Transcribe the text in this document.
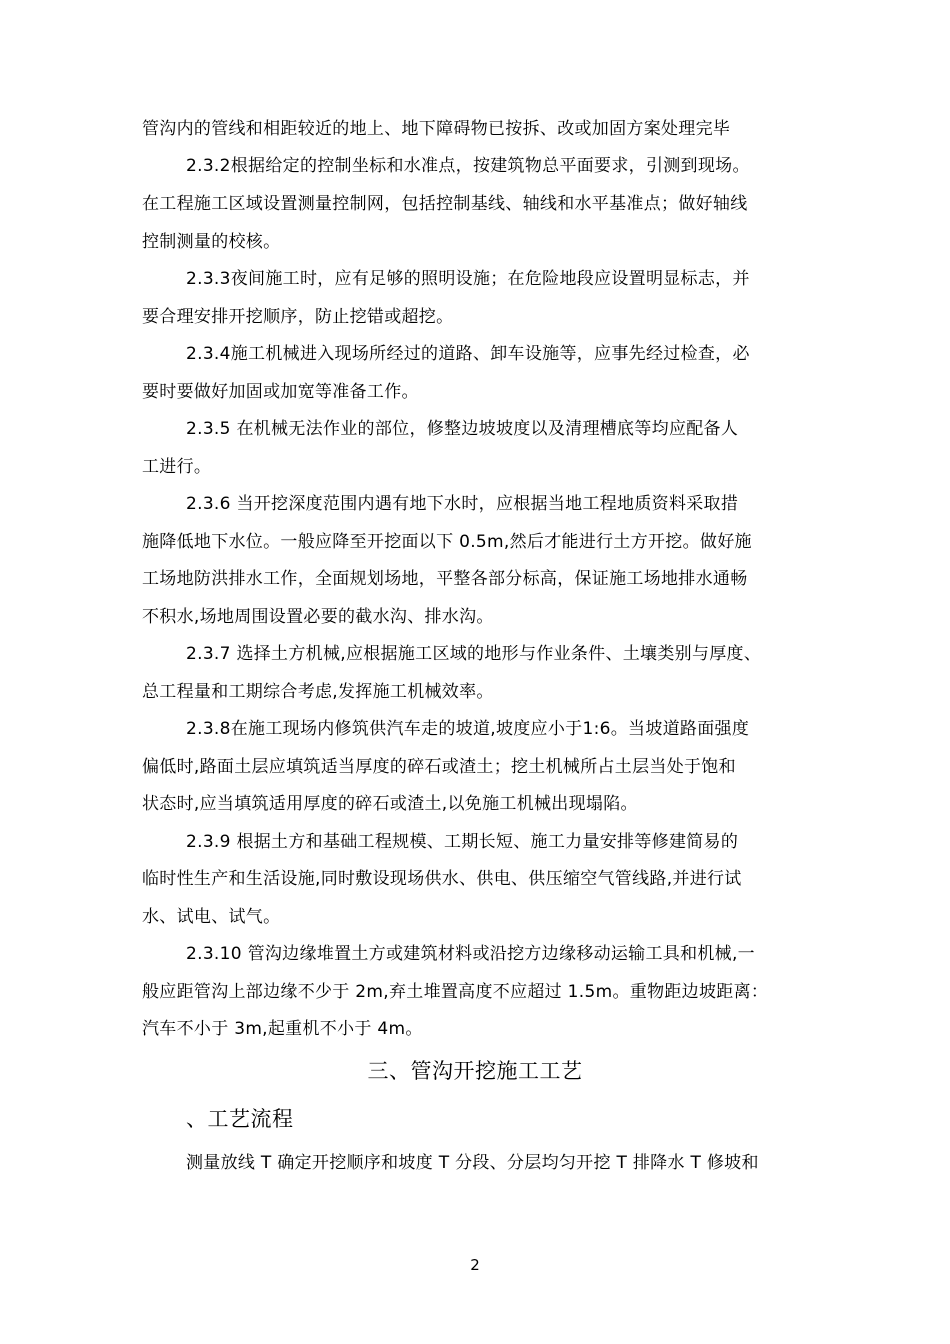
管沟内的管线和相距较近的地上、地下障碍物已按拆、改或加固方案处理完毕
2.3.2根据给定的控制坐标和水准点，按建筑物总平面要求，引测到现场。
在工程施工区域设置测量控制网，包括控制基线、轴线和水平基准点；做好轴线
控制测量的校核。
2.3.3夜间施工时，应有足够的照明设施；在危险地段应设置明显标志，并
要合理安排开挖顺序，防止挖错或超挖。
2.3.4施工机械进入现场所经过的道路、卸车设施等，应事先经过检查，必
要时要做好加固或加宽等准备工作。
2.3.5 在机械无法作业的部位，修整边坡坡度以及清理槽底等均应配备人
工进行。
2.3.6 当开挖深度范围内遇有地下水时，应根据当地工程地质资料采取措
施降低地下水位。一般应降至开挖面以下 0.5m,然后才能进行土方开挖。做好施
工场地防洪排水工作，全面规划场地，平整各部分标高，保证施工场地排水通畅
不积水,场地周围设置必要的截水沟、排水沟。
2.3.7 选择土方机械,应根据施工区域的地形与作业条件、土壤类别与厚度、
总工程量和工期综合考虑,发挥施工机械效率。
2.3.8在施工现场内修筑供汽车走的坡道,坡度应小于1:6。当坡道路面强度
偏低时,路面土层应填筑适当厚度的碎石或渣土；挖土机械所占土层当处于饱和
状态时,应当填筑适用厚度的碎石或渣土,以免施工机械出现塌陷。
2.3.9 根据土方和基础工程规模、工期长短、施工力量安排等修建简易的
临时性生产和生活设施,同时敷设现场供水、供电、供压缩空气管线路,并进行试
水、试电、试气。
2.3.10 管沟边缘堆置土方或建筑材料或沿挖方边缘移动运输工具和机械,一
般应距管沟上部边缘不少于 2m,弃土堆置高度不应超过 1.5m。重物距边坡距离：
汽车不小于 3m,起重机不小于 4m。
三、管沟开挖施工工艺
、工艺流程
测量放线 T 确定开挖顺序和坡度 T 分段、分层均匀开挖 T 排降水 T 修坡和
2
